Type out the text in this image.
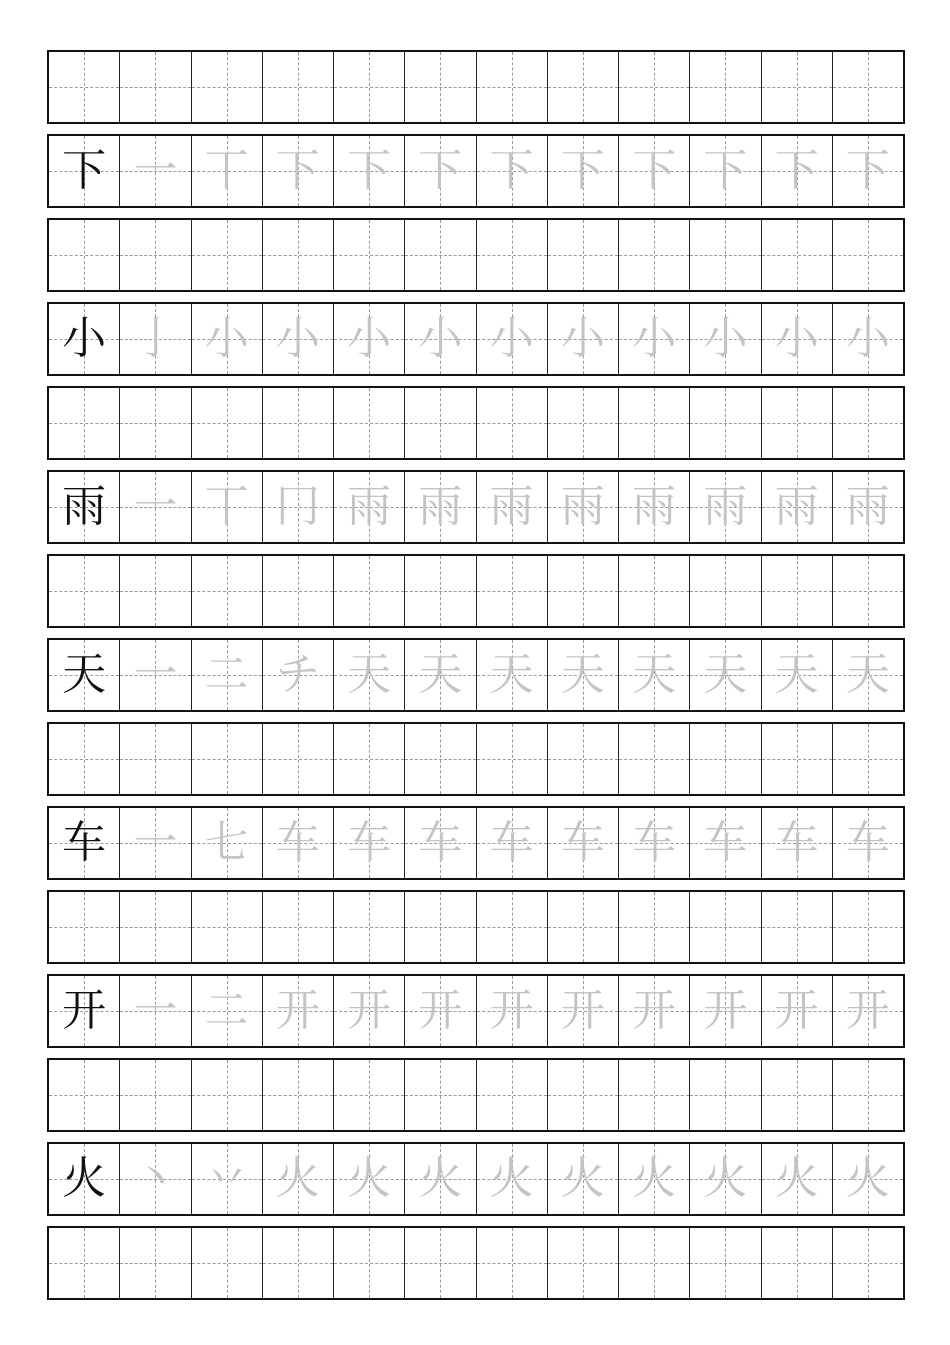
下 一 丅 下 下 下 下 下 下 下 下 下
小 亅 小 小 小 小 小 小 小 小 小 小
雨 一 丅 冂 雨 雨 雨 雨 雨 雨 雨 雨
天 一 二 チ 天 天 天 天 天 天 天 天
车 一 七 车 车 车 车 车 车 车 车 车
开 一 二 开 开 开 开 开 开 开 开 开
火 丶 丷 火 火 火 火 火 火 火 火 火
